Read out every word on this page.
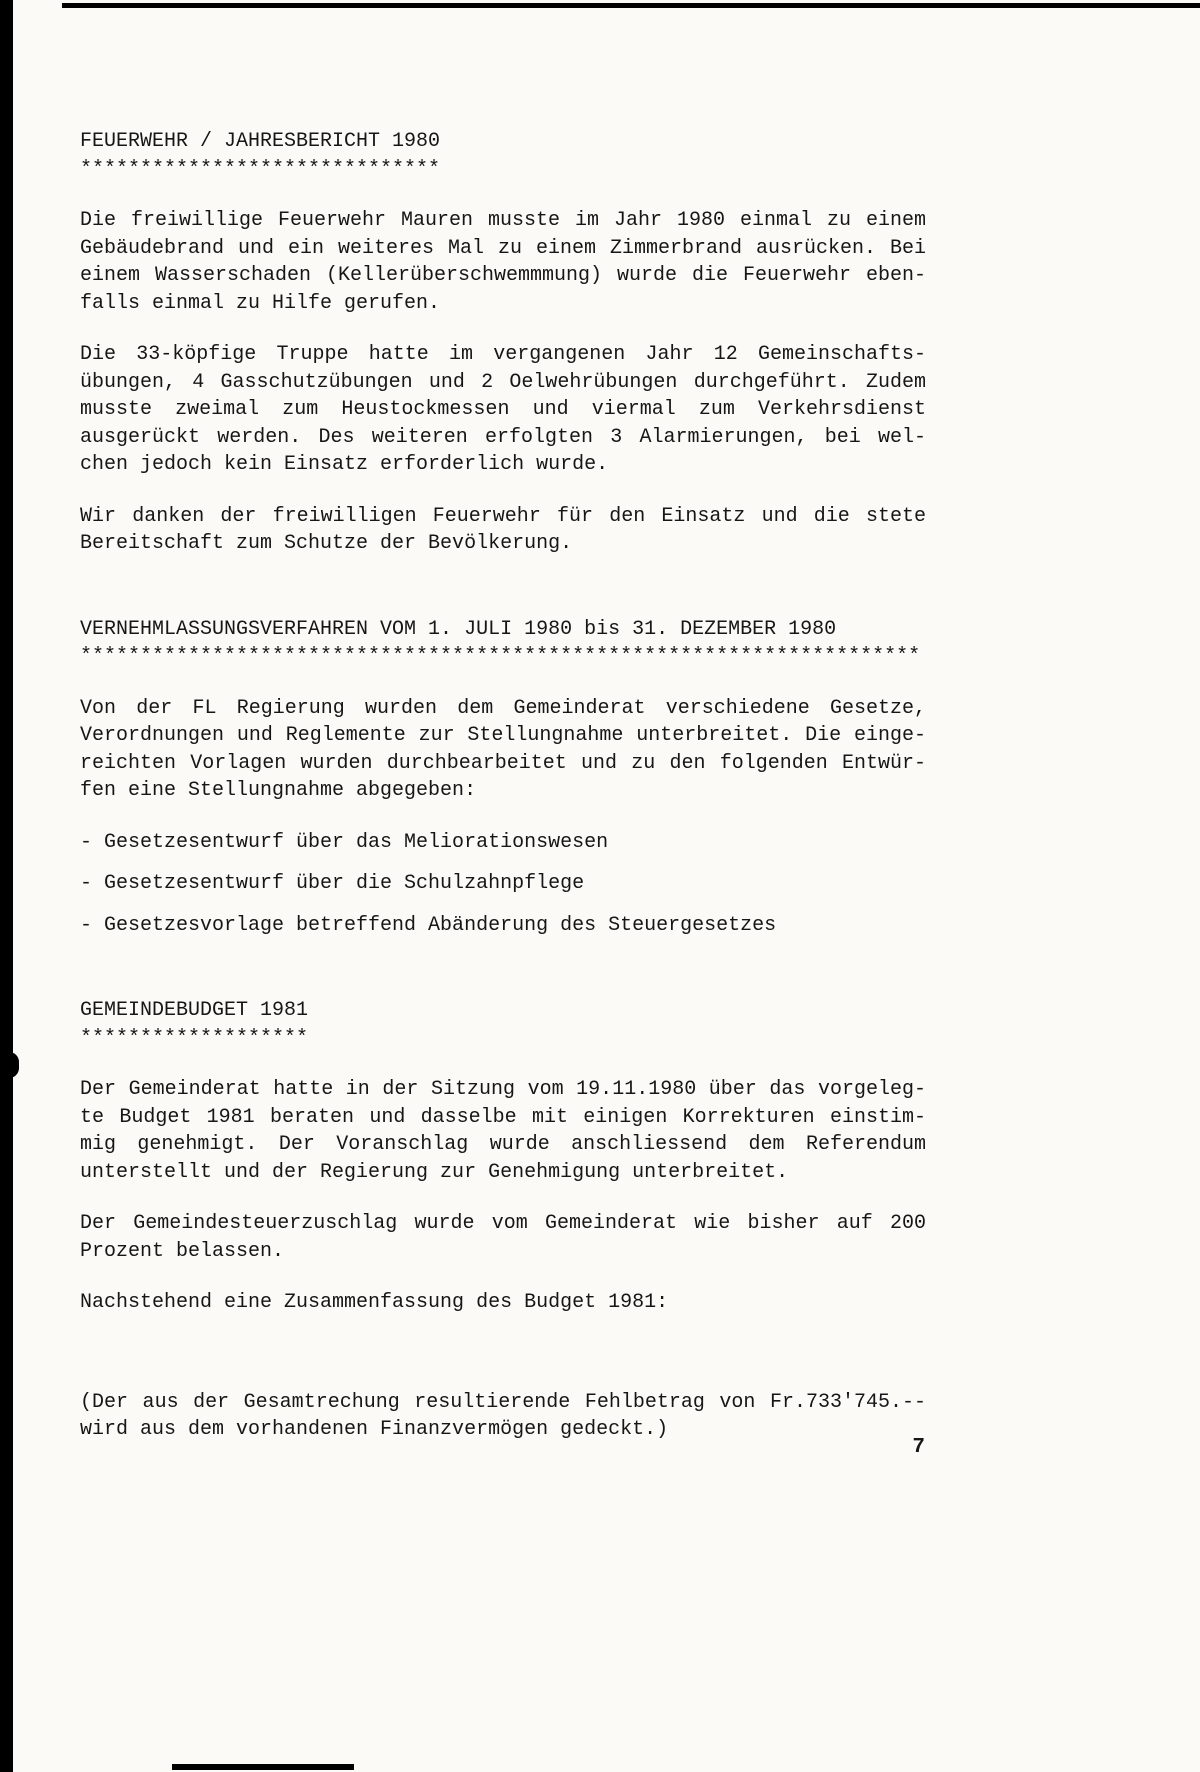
FEUERWEHR / JAHRESBERICHT 1980
******************************
Die freiwillige Feuerwehr Mauren musste im Jahr 1980 einmal zu einem
Gebäudebrand und ein weiteres Mal zu einem Zimmerbrand ausrücken. Bei
einem Wasserschaden (Kellerüberschwemmmung) wurde die Feuerwehr eben-
falls einmal zu Hilfe gerufen.
Die 33-köpfige Truppe hatte im vergangenen Jahr 12 Gemeinschafts-
übungen, 4 Gasschutzübungen und 2 Oelwehrübungen durchgeführt. Zudem
musste zweimal zum Heustockmessen und viermal zum Verkehrsdienst
ausgerückt werden. Des weiteren erfolgten 3 Alarmierungen, bei wel-
chen jedoch kein Einsatz erforderlich wurde.
Wir danken der freiwilligen Feuerwehr für den Einsatz und die stete
Bereitschaft zum Schutze der Bevölkerung.
VERNEHMLASSUNGSVERFAHREN VOM 1. JULI 1980 bis 31. DEZEMBER 1980
**********************************************************************
Von der FL Regierung wurden dem Gemeinderat verschiedene Gesetze,
Verordnungen und Reglemente zur Stellungnahme unterbreitet. Die einge-
reichten Vorlagen wurden durchbearbeitet und zu den folgenden Entwür-
fen eine Stellungnahme abgegeben:
- Gesetzesentwurf über das Meliorationswesen
- Gesetzesentwurf über die Schulzahnpflege
- Gesetzesvorlage betreffend Abänderung des Steuergesetzes
GEMEINDEBUDGET 1981
*******************
Der Gemeinderat hatte in der Sitzung vom 19.11.1980 über das vorgeleg-
te Budget 1981 beraten und dasselbe mit einigen Korrekturen einstim-
mig genehmigt. Der Voranschlag wurde anschliessend dem Referendum
unterstellt und der Regierung zur Genehmigung unterbreitet.
Der Gemeindesteuerzuschlag wurde vom Gemeinderat wie bisher auf 200
Prozent belassen.
Nachstehend eine Zusammenfassung des Budget 1981:
(Der aus der Gesamtrechung resultierende Fehlbetrag von Fr.733'745.--
wird aus dem vorhandenen Finanzvermögen gedeckt.)
7
